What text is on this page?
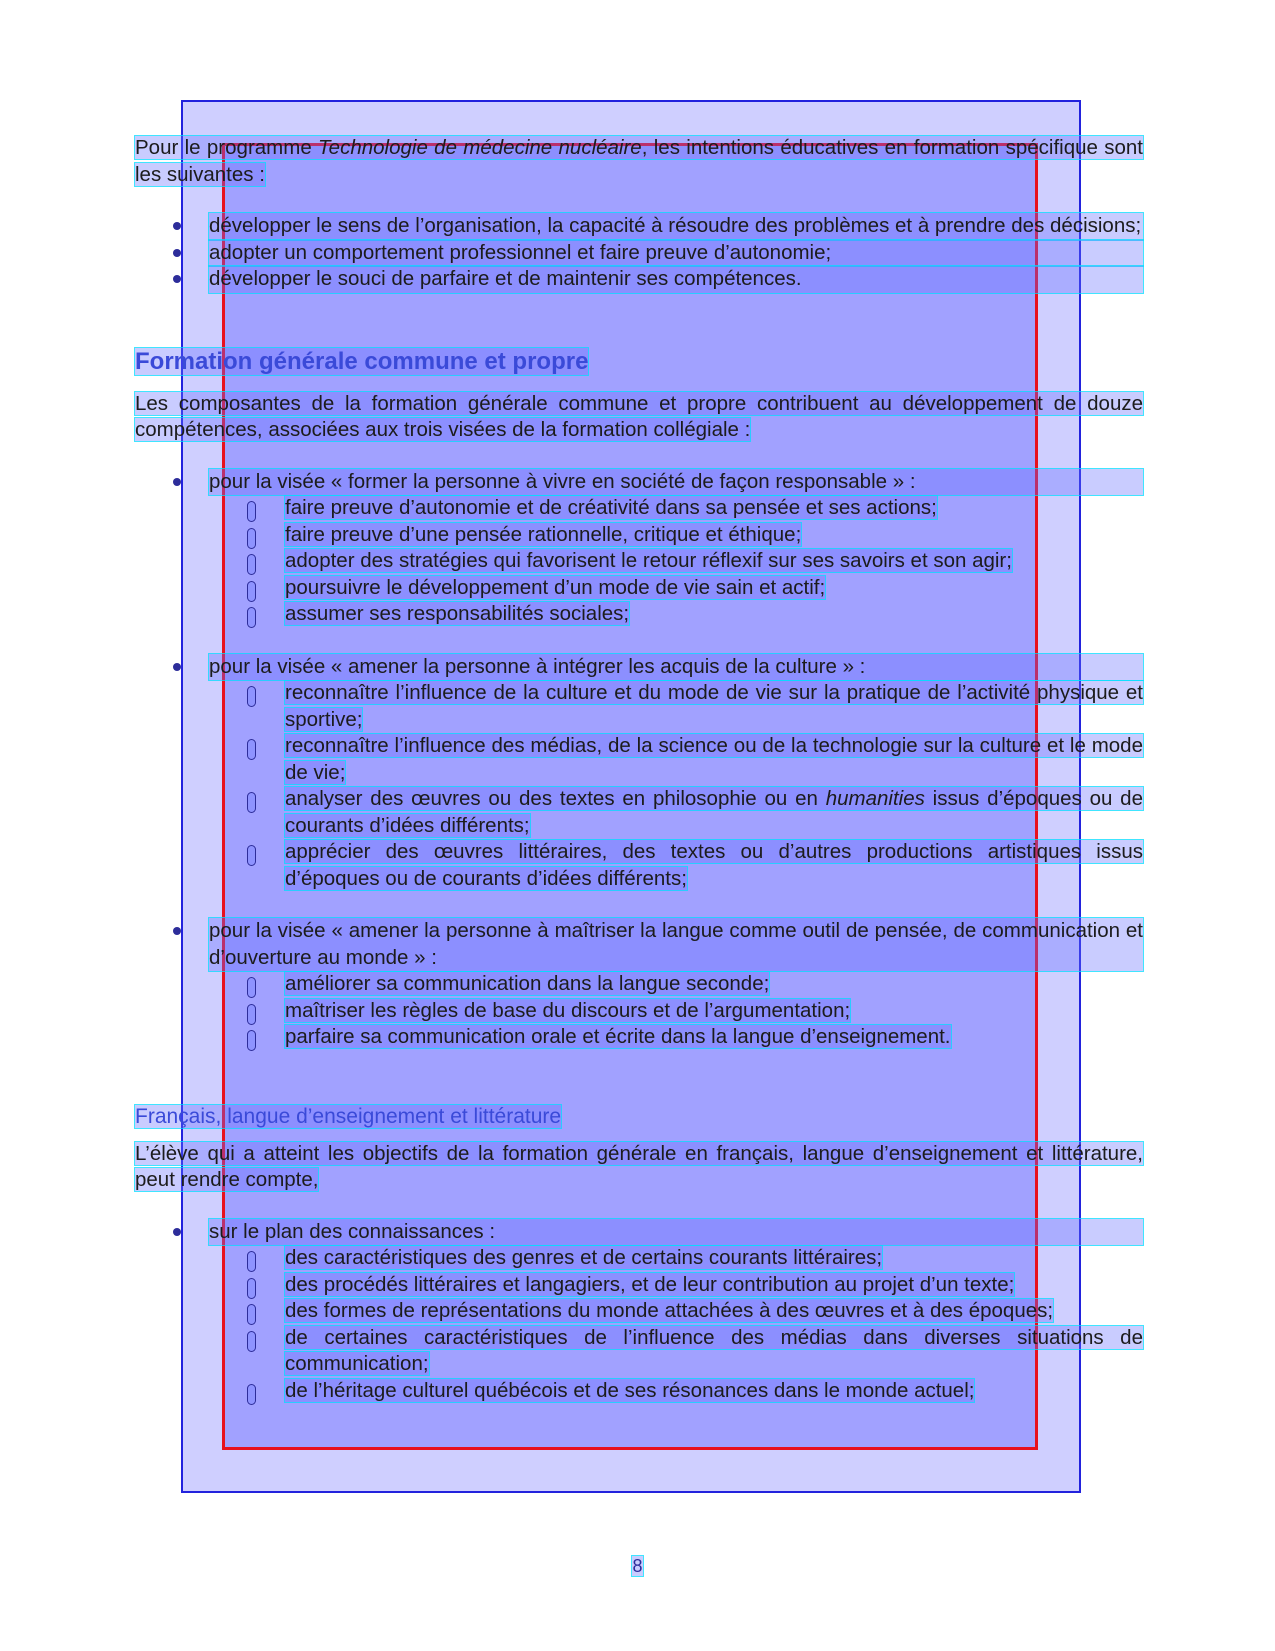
Pour le programme Technologie de médecine nucléaire, les intentions éducatives en formation spécifique sont les suivantes :

développer le sens de l’organisation, la capacité à résoudre des problèmes et à prendre des décisions;
adopter un comportement professionnel et faire preuve d’autonomie;
développer le souci de parfaire et de maintenir ses compétences.
Formation générale commune et propre

Les composantes de la formation générale commune et propre contribuent au développement de douze compétences, associées aux trois visées de la formation collégiale :

pour la visée « former la personne à vivre en société de façon responsable » :
faire preuve d’autonomie et de créativité dans sa pensée et ses actions;
faire preuve d’une pensée rationnelle, critique et éthique;
adopter des stratégies qui favorisent le retour réflexif sur ses savoirs et son agir;
poursuivre le développement d’un mode de vie sain et actif;
assumer ses responsabilités sociales;
pour la visée « amener la personne à intégrer les acquis de la culture » :
reconnaître l’influence de la culture et du mode de vie sur la pratique de l’activité physique et sportive;
reconnaître l’influence des médias, de la science ou de la technologie sur la culture et le mode de vie;
analyser des œuvres ou des textes en philosophie ou en humanities issus d’époques ou de courants d’idées différents;
apprécier des œuvres littéraires, des textes ou d’autres productions artistiques issus d’époques ou de courants d’idées différents;
pour la visée « amener la personne à maîtriser la langue comme outil de pensée, de communication et d’ouverture au monde » :
améliorer sa communication dans la langue seconde;
maîtriser les règles de base du discours et de l’argumentation;
parfaire sa communication orale et écrite dans la langue d’enseignement.
Français, langue d’enseignement et littérature

L’élève qui a atteint les objectifs de la formation générale en français, langue d’enseignement et littérature, peut rendre compte,

sur le plan des connaissances :
des caractéristiques des genres et de certains courants littéraires;
des procédés littéraires et langagiers, et de leur contribution au projet d’un texte;
des formes de représentations du monde attachées à des œuvres et à des époques;
de certaines caractéristiques de l’influence des médias dans diverses situations de communication;
de l’héritage culturel québécois et de ses résonances dans le monde actuel;
8
